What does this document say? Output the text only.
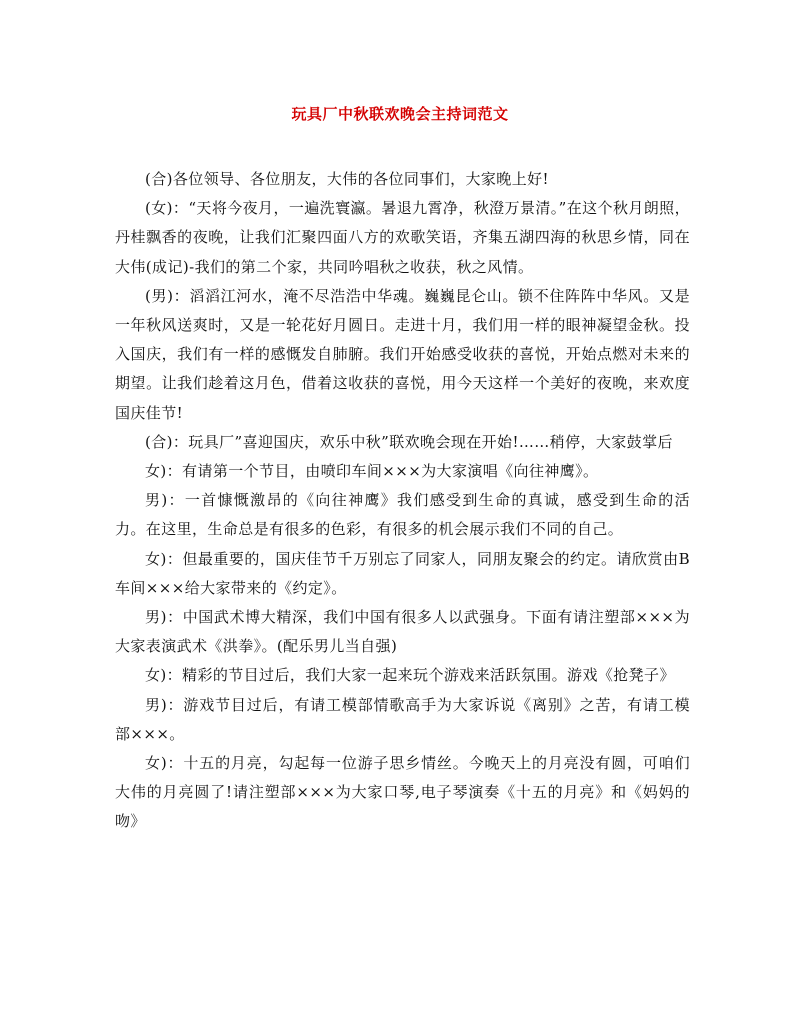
玩具厂中秋联欢晚会主持词范文

(合)各位领导、各位朋友，大伟的各位同事们，大家晚上好!

(女)：“天将今夜月，一遍洗寰瀛。暑退九霄净，秋澄万景清。”在这个秋月朗照，丹桂飘香的夜晚，让我们汇聚四面八方的欢歌笑语，齐集五湖四海的秋思乡情，同在大伟(成记)-我们的第二个家，共同吟唱秋之收获，秋之风情。

(男)：滔滔江河水，淹不尽浩浩中华魂。巍巍昆仑山。锁不住阵阵中华风。又是一年秋风送爽时，又是一轮花好月圆日。走进十月，我们用一样的眼神凝望金秋。投入国庆，我们有一样的感慨发自肺腑。我们开始感受收获的喜悦，开始点燃对未来的期望。让我们趁着这月色，借着这收获的喜悦，用今天这样一个美好的夜晚，来欢度国庆佳节!

(合)：玩具厂”喜迎国庆，欢乐中秋”联欢晚会现在开始!……稍停，大家鼓掌后

女)：有请第一个节目，由喷印车间×××为大家演唱《向往神鹰》。

男)：一首慷慨激昂的《向往神鹰》我们感受到生命的真诚，感受到生命的活力。在这里，生命总是有很多的色彩，有很多的机会展示我们不同的自己。

女)：但最重要的，国庆佳节千万别忘了同家人，同朋友聚会的约定。请欣赏由B车间×××给大家带来的《约定》。

男)：中国武术博大精深，我们中国有很多人以武强身。下面有请注塑部×××为大家表演武术《洪拳》。(配乐男儿当自强)

女)：精彩的节目过后，我们大家一起来玩个游戏来活跃氛围。游戏《抢凳子》

男)：游戏节目过后，有请工模部情歌高手为大家诉说《离别》之苦，有请工模部×××。

女)：十五的月亮，勾起每一位游子思乡情丝。今晚天上的月亮没有圆，可咱们大伟的月亮圆了!请注塑部×××为大家口琴,电子琴演奏《十五的月亮》和《妈妈的吻》
